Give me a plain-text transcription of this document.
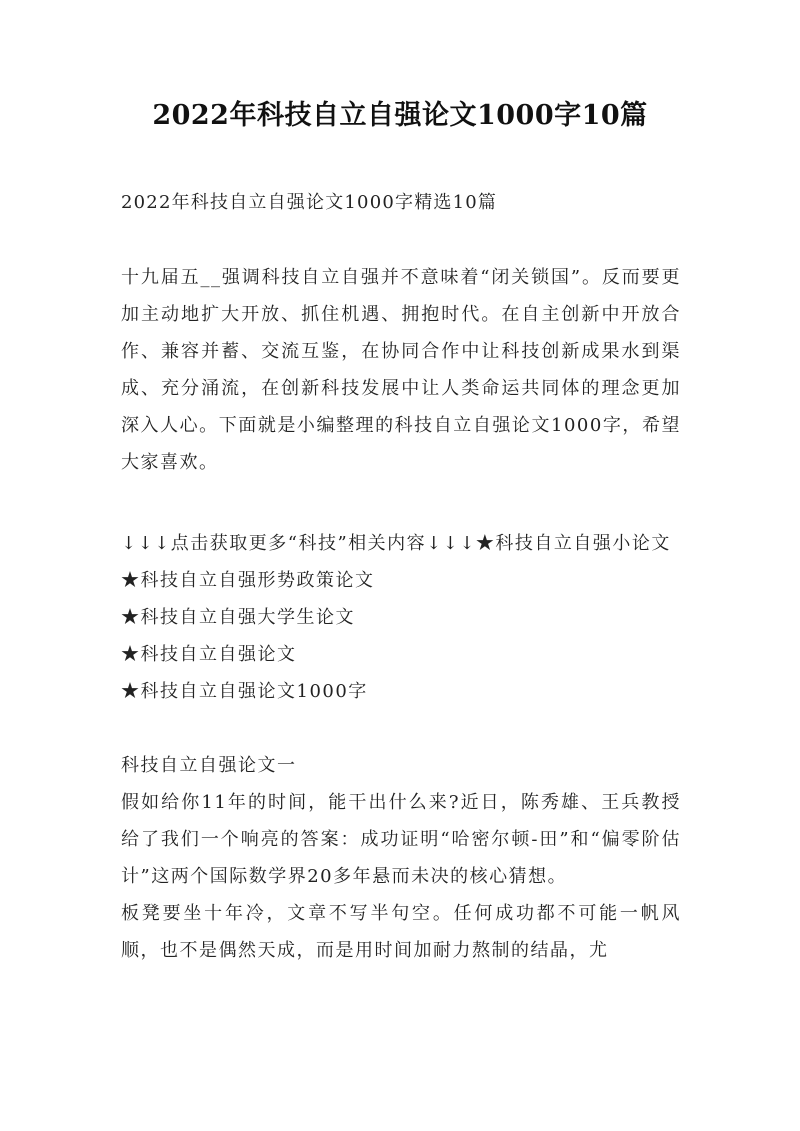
2022年科技自立自强论文1000字10篇
2022年科技自立自强论文1000字精选10篇

十九届五__强调科技自立自强并不意味着“闭关锁国”。反而要更加主动地扩大开放、抓住机遇、拥抱时代。在自主创新中开放合作、兼容并蓄、交流互鉴，在协同合作中让科技创新成果水到渠成、充分涌流，在创新科技发展中让人类命运共同体的理念更加深入人心。下面就是小编整理的科技自立自强论文1000字，希望大家喜欢。

↓↓↓点击获取更多“科技”相关内容↓↓↓★科技自立自强小论文

★科技自立自强形势政策论文
★科技自立自强大学生论文
★科技自立自强论文
★科技自立自强论文1000字

科技自立自强论文一

假如给你11年的时间，能干出什么来?近日，陈秀雄、王兵教授给了我们一个响亮的答案：成功证明“哈密尔顿-田”和“偏零阶估计”这两个国际数学界20多年悬而未决的核心猜想。

板凳要坐十年冷，文章不写半句空。任何成功都不可能一帆风顺，也不是偶然天成，而是用时间加耐力熬制的结晶，尤
